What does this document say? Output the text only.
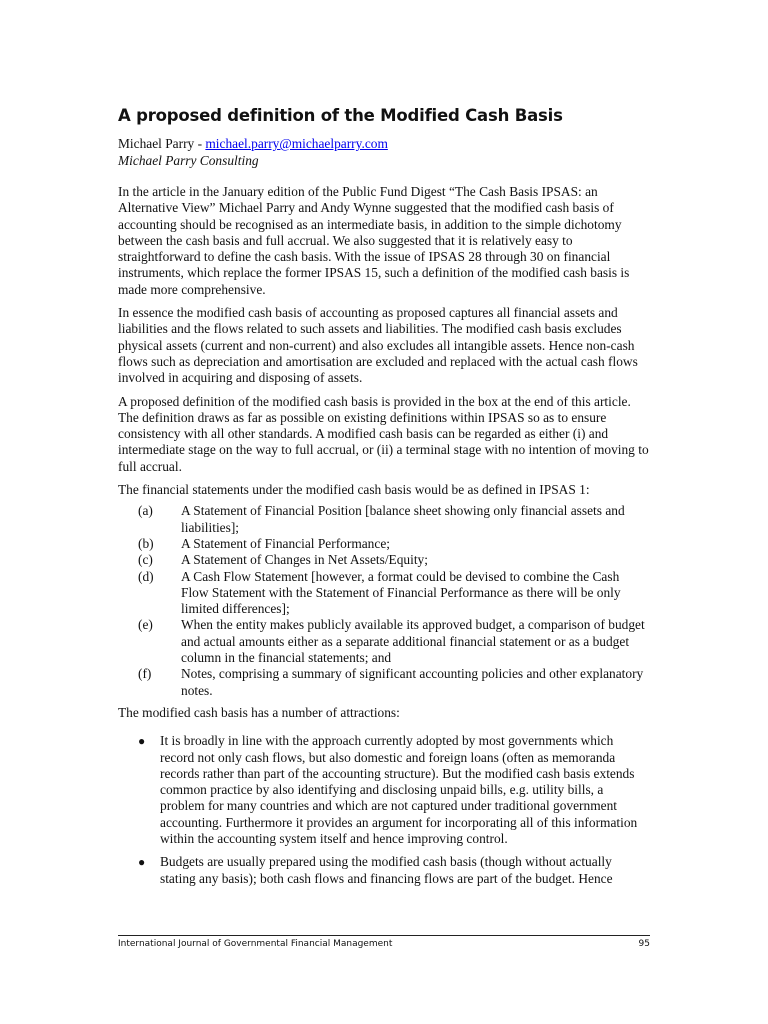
A proposed definition of the Modified Cash Basis
Michael Parry - michael.parry@michaelparry.com
Michael Parry Consulting

In the article in the January edition of the Public Fund Digest “The Cash Basis IPSAS: an Alternative View” Michael Parry and Andy Wynne suggested that the modified cash basis of accounting should be recognised as an intermediate basis, in addition to the simple dichotomy between the cash basis and full accrual. We also suggested that it is relatively easy to straightforward to define the cash basis. With the issue of IPSAS 28 through 30 on financial instruments, which replace the former IPSAS 15, such a definition of the modified cash basis is made more comprehensive.

In essence the modified cash basis of accounting as proposed captures all financial assets and liabilities and the flows related to such assets and liabilities. The modified cash basis excludes physical assets (current and non-current) and also excludes all intangible assets. Hence non-cash flows such as depreciation and amortisation are excluded and replaced with the actual cash flows involved in acquiring and disposing of assets.

A proposed definition of the modified cash basis is provided in the box at the end of this article. The definition draws as far as possible on existing definitions within IPSAS so as to ensure consistency with all other standards. A modified cash basis can be regarded as either (i) and intermediate stage on the way to full accrual, or (ii) a terminal stage with no intention of moving to full accrual.

The financial statements under the modified cash basis would be as defined in IPSAS 1:

(a)	A Statement of Financial Position [balance sheet showing only financial assets and liabilities];
(b)	A Statement of Financial Performance;
(c)	A Statement of Changes in Net Assets/Equity;
(d)	A Cash Flow Statement [however, a format could be devised to combine the Cash Flow Statement with the Statement of Financial Performance as there will be only limited differences];
(e)	When the entity makes publicly available its approved budget, a comparison of budget and actual amounts either as a separate additional financial statement or as a budget column in the financial statements; and
(f)	Notes, comprising a summary of significant accounting policies and other explanatory notes.

The modified cash basis has a number of attractions:

●	It is broadly in line with the approach currently adopted by most governments which record not only cash flows, but also domestic and foreign loans (often as memoranda records rather than part of the accounting structure). But the modified cash basis extends common practice by also identifying and disclosing unpaid bills, e.g. utility bills, a problem for many countries and which are not captured under traditional government accounting. Furthermore it provides an argument for incorporating all of this information within the accounting system itself and hence improving control.
●	Budgets are usually prepared using the modified cash basis (though without actually stating any basis); both cash flows and financing flows are part of the budget. Hence
International Journal of Governmental Financial Management	95
